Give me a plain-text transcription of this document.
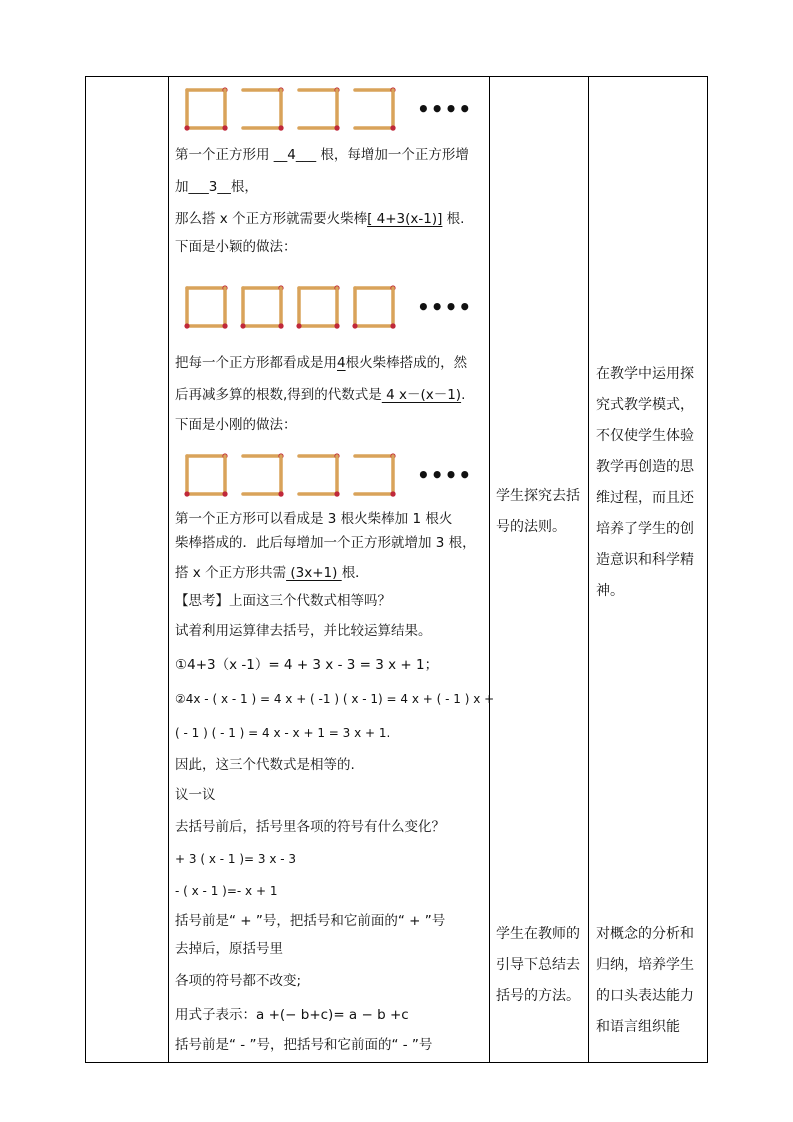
••••
第一个正方形用 __4___ 根，每增加一个正方形增
加___3__根，
那么搭 x 个正方形就需要火柴棒[ 4+3(x-1)] 根.
下面是小颖的做法：
••••
把每一个正方形都看成是用4根火柴棒搭成的，然
后再减多算的根数,得到的代数式是 4 x－(x－1).
下面是小刚的做法：
••••
第一个正方形可以看成是 3 根火柴棒加 1 根火
柴棒搭成的．此后每增加一个正方形就增加 3 根，
搭 x 个正方形共需 (3x+1) 根．
【思考】上面这三个代数式相等吗？
试着利用运算律去括号，并比较运算结果。
①4+3（x -1）= 4 + 3 x - 3 = 3 x + 1；
②4x - ( x - 1 ) = 4 x + ( -1 ) ( x - 1) = 4 x + ( - 1 ) x +
( - 1 ) ( - 1 ) = 4 x - x + 1 = 3 x + 1.
因此，这三个代数式是相等的.
议一议
去括号前后，括号里各项的符号有什么变化？
+ 3 ( x - 1 )= 3 x - 3
- ( x - 1 )=- x + 1
括号前是“ + ”号，把括号和它前面的“ + ”号
去掉后，原括号里
各项的符号都不改变;
用式子表示：a +(− b+c)= a − b +c
括号前是“ - ”号，把括号和它前面的“ - ”号
学生探究去括
号的法则。
学生在教师的
引导下总结去
括号的方法。
在教学中运用探
究式教学模式，
不仅使学生体验
教学再创造的思
维过程，而且还
培养了学生的创
造意识和科学精
神。
对概念的分析和
归纳，培养学生
的口头表达能力
和语言组织能
